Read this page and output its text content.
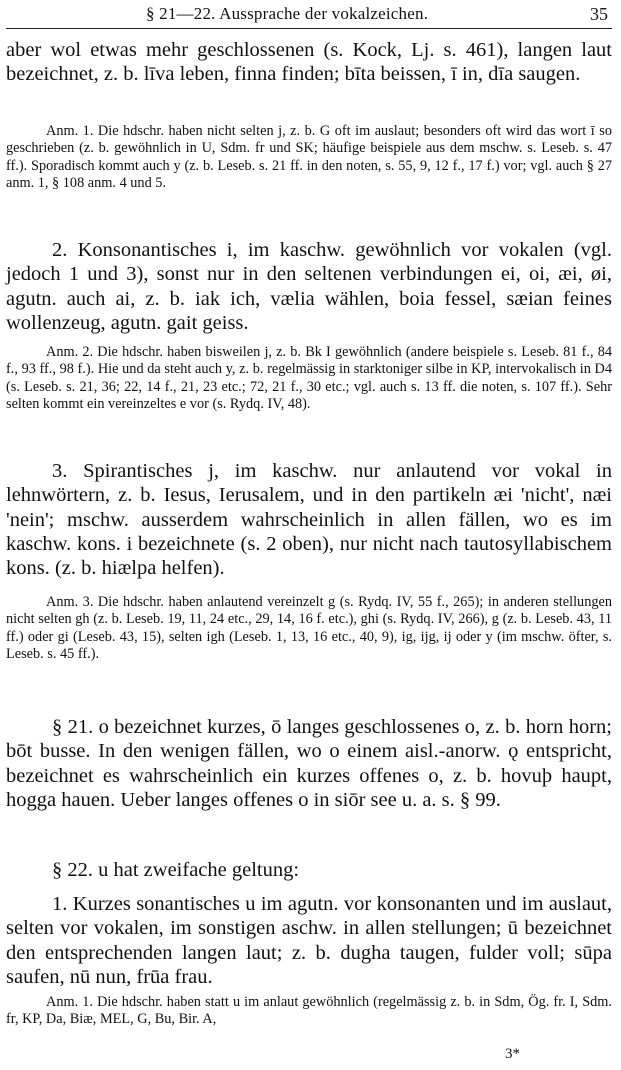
§ 21—22. Aussprache der vokalzeichen.	35

aber wol etwas mehr geschlossenen (s. Kock, Lj. s. 461), langen laut bezeichnet, z. b. līva leben, finna finden; bīta beissen, ī in, dīa saugen.

Anm. 1. Die hdschr. haben nicht selten j, z. b. G oft im auslaut; besonders oft wird das wort ī so geschrieben (z. b. gewöhnlich in U, Sdm. fr und SK; häufige beispiele aus dem mschw. s. Leseb. s. 47 ff.). Sporadisch kommt auch y (z. b. Leseb. s. 21 ff. in den noten, s. 55, 9, 12 f., 17 f.) vor; vgl. auch § 27 anm. 1, § 108 anm. 4 und 5.

2. Konsonantisches i, im kaschw. gewöhnlich vor vokalen (vgl. jedoch 1 und 3), sonst nur in den seltenen verbindungen ei, oi, æi, øi, agutn. auch ai, z. b. iak ich, vælia wählen, boia fessel, sæian feines wollenzeug, agutn. gait geiss.

Anm. 2. Die hdschr. haben bisweilen j, z. b. Bk I gewöhnlich (andere beispiele s. Leseb. 81 f., 84 f., 93 ff., 98 f.). Hie und da steht auch y, z. b. regelmässig in starktoniger silbe in KP, intervokalisch in D4 (s. Leseb. s. 21, 36; 22, 14 f., 21, 23 etc.; 72, 21 f., 30 etc.; vgl. auch s. 13 ff. die noten, s. 107 ff.). Sehr selten kommt ein vereinzeltes e vor (s. Rydq. IV, 48).

3. Spirantisches j, im kaschw. nur anlautend vor vokal in lehnwörtern, z. b. Iesus, Ierusalem, und in den partikeln æi 'nicht', næi 'nein'; mschw. ausserdem wahrscheinlich in allen fällen, wo es im kaschw. kons. i bezeichnete (s. 2 oben), nur nicht nach tautosyllabischem kons. (z. b. hiælpa helfen).

Anm. 3. Die hdschr. haben anlautend vereinzelt g (s. Rydq. IV, 55 f., 265); in anderen stellungen nicht selten gh (z. b. Leseb. 19, 11, 24 etc., 29, 14, 16 f. etc.), ghi (s. Rydq. IV, 266), g (z. b. Leseb. 43, 11 ff.) oder gi (Leseb. 43, 15), selten igh (Leseb. 1, 13, 16 etc., 40, 9), ig, ijg, ij oder y (im mschw. öfter, s. Leseb. s. 45 ff.).

§ 21. o bezeichnet kurzes, ō langes geschlossenes o, z. b. horn horn; bōt busse. In den wenigen fällen, wo o einem aisl.-anorw. ǫ entspricht, bezeichnet es wahrscheinlich ein kurzes offenes o, z. b. hovuþ haupt, hogga hauen. Ueber langes offenes o in siōr see u. a. s. § 99.

§ 22. u hat zweifache geltung:

1. Kurzes sonantisches u im agutn. vor konsonanten und im auslaut, selten vor vokalen, im sonstigen aschw. in allen stellungen; ū bezeichnet den entsprechenden langen laut; z. b. dugha taugen, fulder voll; sūpa saufen, nū nun, frūa frau.

Anm. 1. Die hdschr. haben statt u im anlaut gewöhnlich (regelmässig z. b. in Sdm, Ög. fr. I, Sdm. fr, KP, Da, Biæ, MEL, G, Bu, Bir. A,

3*
